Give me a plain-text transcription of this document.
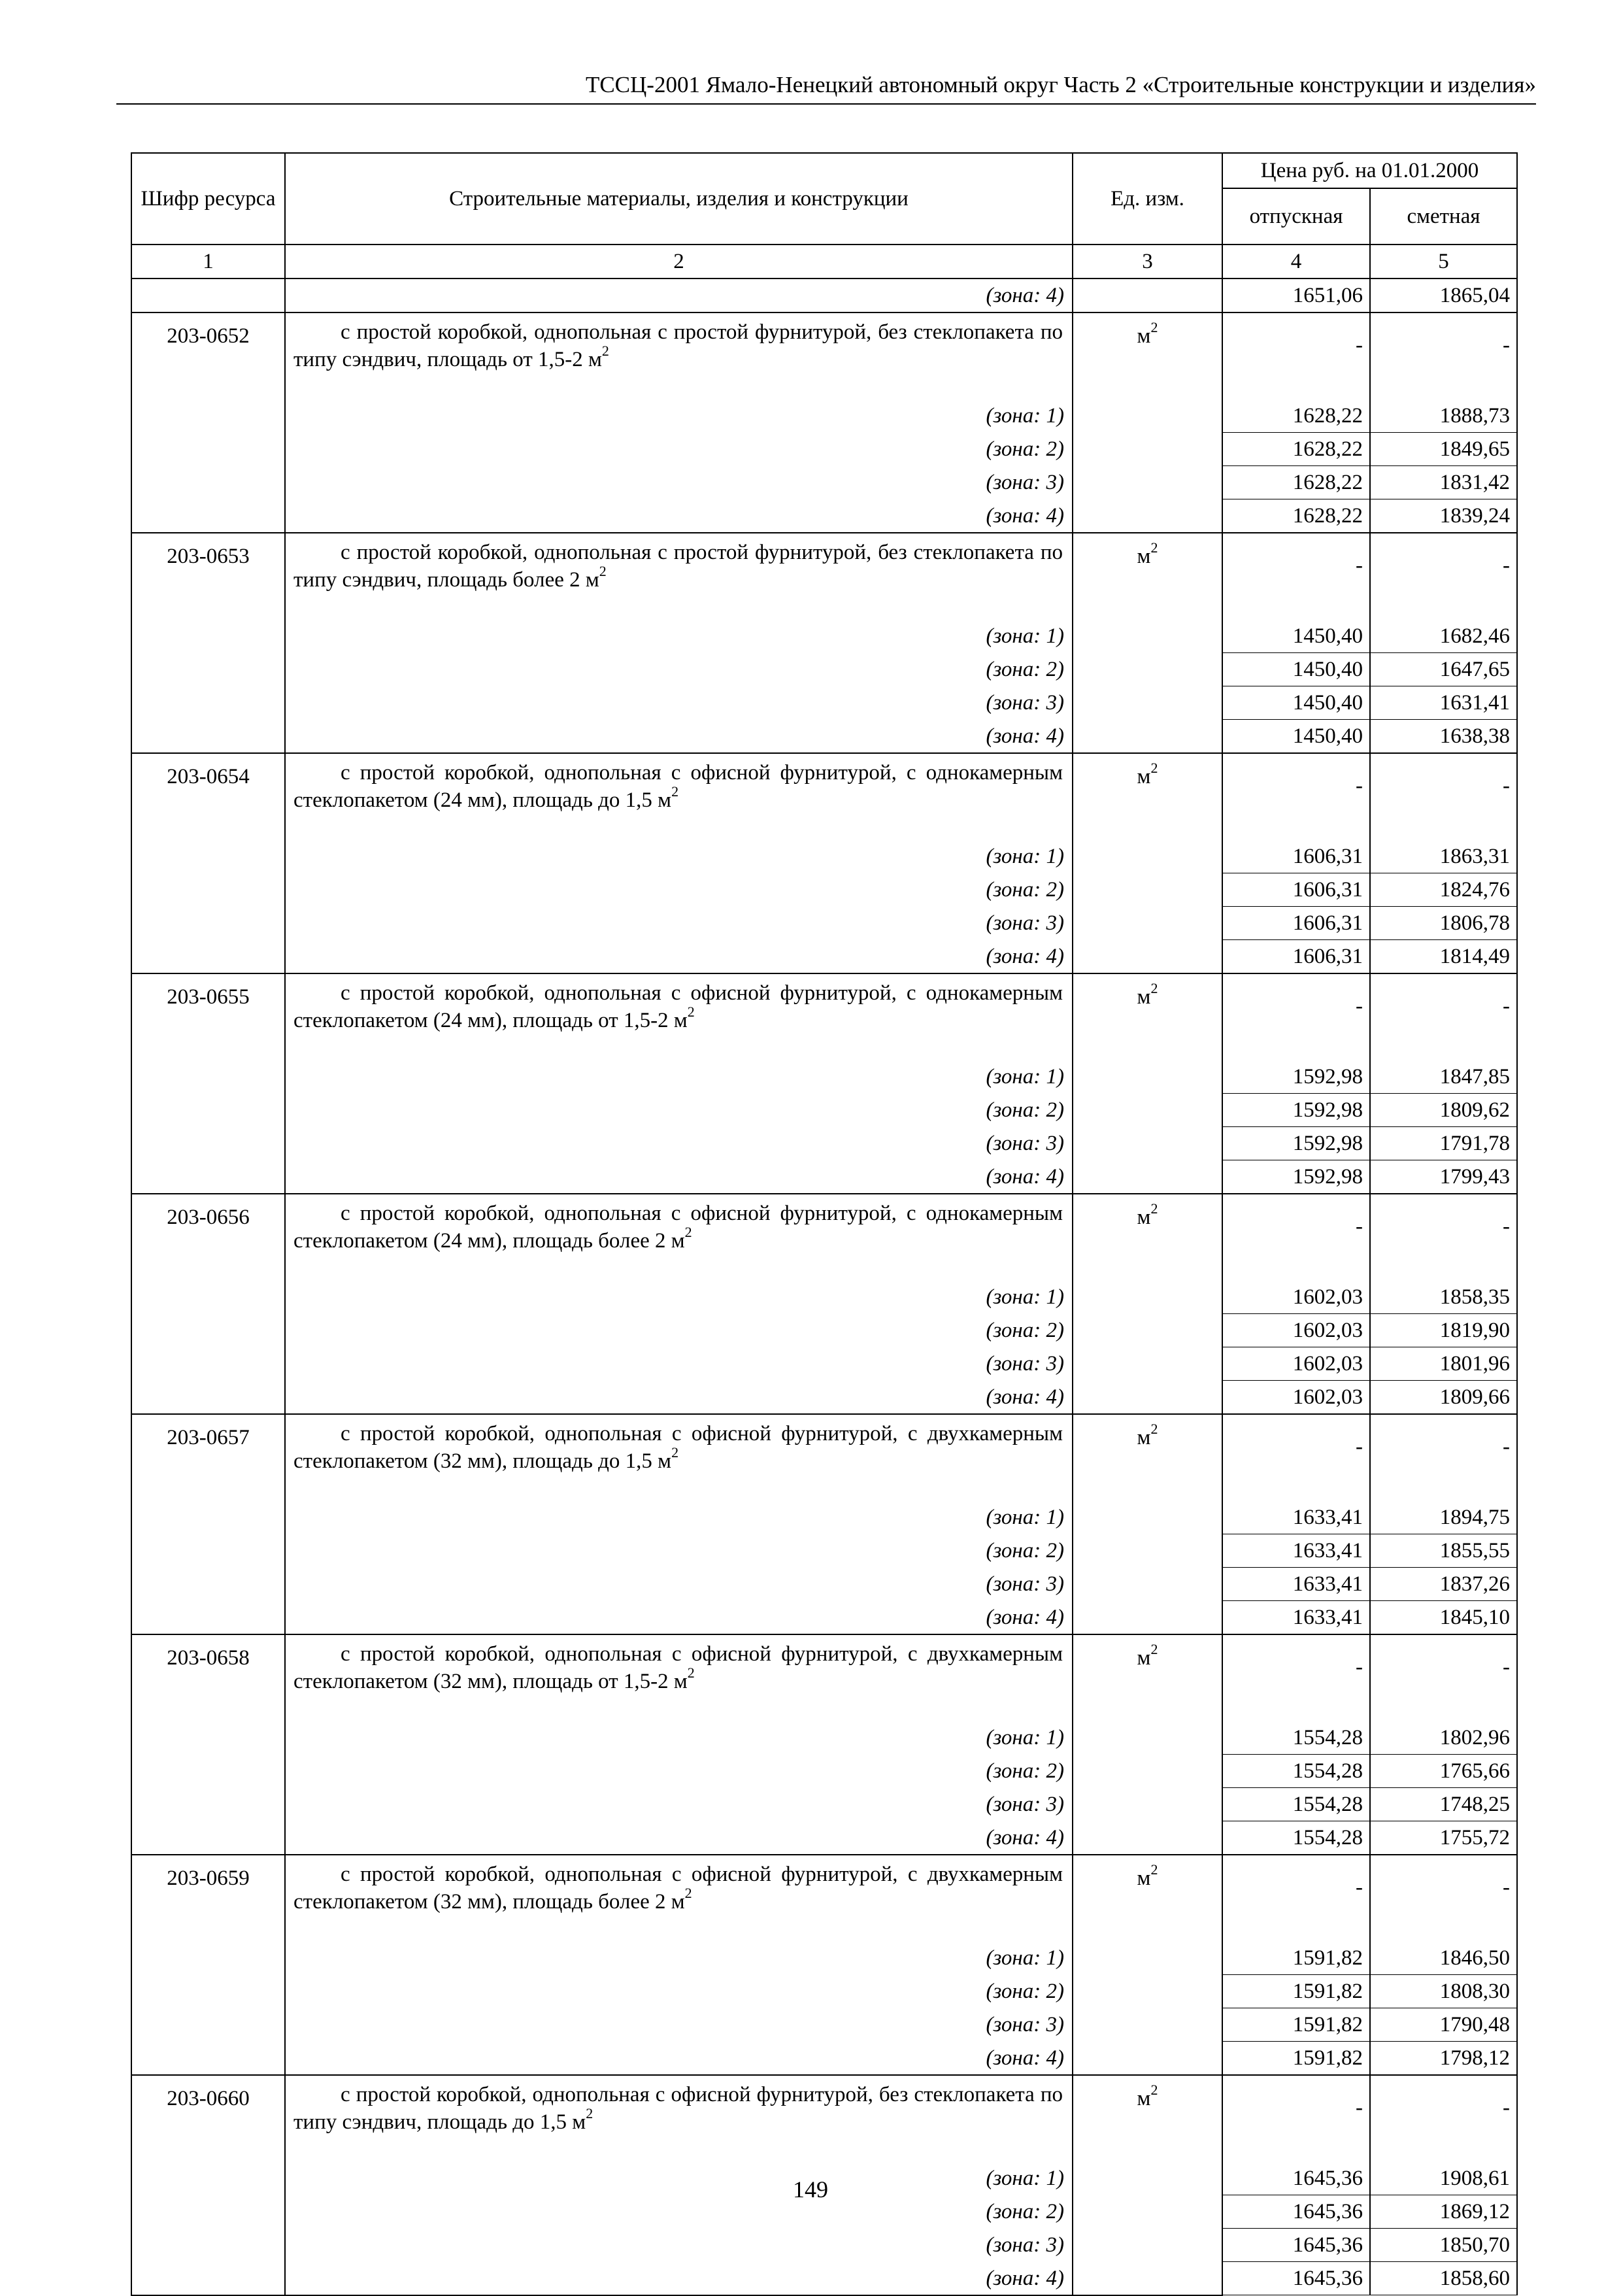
ТССЦ-2001 Ямало-Ненецкий автономный округ Часть 2 «Строительные конструкции и изделия»
Шифр ресурса	Строительные материалы, изделия и конструкции	Ед. изм.	Цена руб. на 01.01.2000	
			отпускная	сметная
1	2	3	4	5
	(зона: 4)		1651,06	1865,04
203-0652	с простой коробкой, однопольная с простой фурнитурой, без стеклопакета по типу сэндвич, площадь от 1,5-2 $м^2$	$м^2$	-	-
	(зона: 1)		1628,22	1888,73
	(зона: 2)		1628,22	1849,65
	(зона: 3)		1628,22	1831,42
	(зона: 4)		1628,22	1839,24
203-0653	с простой коробкой, однопольная с простой фурнитурой, без стеклопакета по типу сэндвич, площадь более 2 $м^2$	$м^2$	-	-
	(зона: 1)		1450,40	1682,46
	(зона: 2)		1450,40	1647,65
	(зона: 3)		1450,40	1631,41
	(зона: 4)		1450,40	1638,38
203-0654	с простой коробкой, однопольная с офисной фурнитурой, с однокамерным стеклопакетом (24 мм), площадь до 1,5 $м^2$	$м^2$	-	-
	(зона: 1)		1606,31	1863,31
	(зона: 2)		1606,31	1824,76
	(зона: 3)		1606,31	1806,78
	(зона: 4)		1606,31	1814,49
203-0655	с простой коробкой, однопольная с офисной фурнитурой, с однокамерным стеклопакетом (24 мм), площадь от 1,5-2 $м^2$	$м^2$	-	-
	(зона: 1)		1592,98	1847,85
	(зона: 2)		1592,98	1809,62
	(зона: 3)		1592,98	1791,78
	(зона: 4)		1592,98	1799,43
203-0656	с простой коробкой, однопольная с офисной фурнитурой, с однокамерным стеклопакетом (24 мм), площадь более 2 $м^2$	$м^2$	-	-
	(зона: 1)		1602,03	1858,35
	(зона: 2)		1602,03	1819,90
	(зона: 3)		1602,03	1801,96
	(зона: 4)		1602,03	1809,66
203-0657	с простой коробкой, однопольная с офисной фурнитурой, с двухкамерным стеклопакетом (32 мм), площадь до 1,5 $м^2$	$м^2$	-	-
	(зона: 1)		1633,41	1894,75
	(зона: 2)		1633,41	1855,55
	(зона: 3)		1633,41	1837,26
	(зона: 4)		1633,41	1845,10
203-0658	с простой коробкой, однопольная с офисной фурнитурой, с двухкамерным стеклопакетом (32 мм), площадь от 1,5-2 $м^2$	$м^2$	-	-
	(зона: 1)		1554,28	1802,96
	(зона: 2)		1554,28	1765,66
	(зона: 3)		1554,28	1748,25
	(зона: 4)		1554,28	1755,72
203-0659	с простой коробкой, однопольная с офисной фурнитурой, с двухкамерным стеклопакетом (32 мм), площадь более 2 $м^2$	$м^2$	-	-
	(зона: 1)		1591,82	1846,50
	(зона: 2)		1591,82	1808,30
	(зона: 3)		1591,82	1790,48
	(зона: 4)		1591,82	1798,12
203-0660	с простой коробкой, однопольная с офисной фурнитурой, без стеклопакета по типу сэндвич, площадь до 1,5 $м^2$	$м^2$	-	-
	(зона: 1)		1645,36	1908,61
	(зона: 2)		1645,36	1869,12
	(зона: 3)		1645,36	1850,70
	(зона: 4)		1645,36	1858,60
149
